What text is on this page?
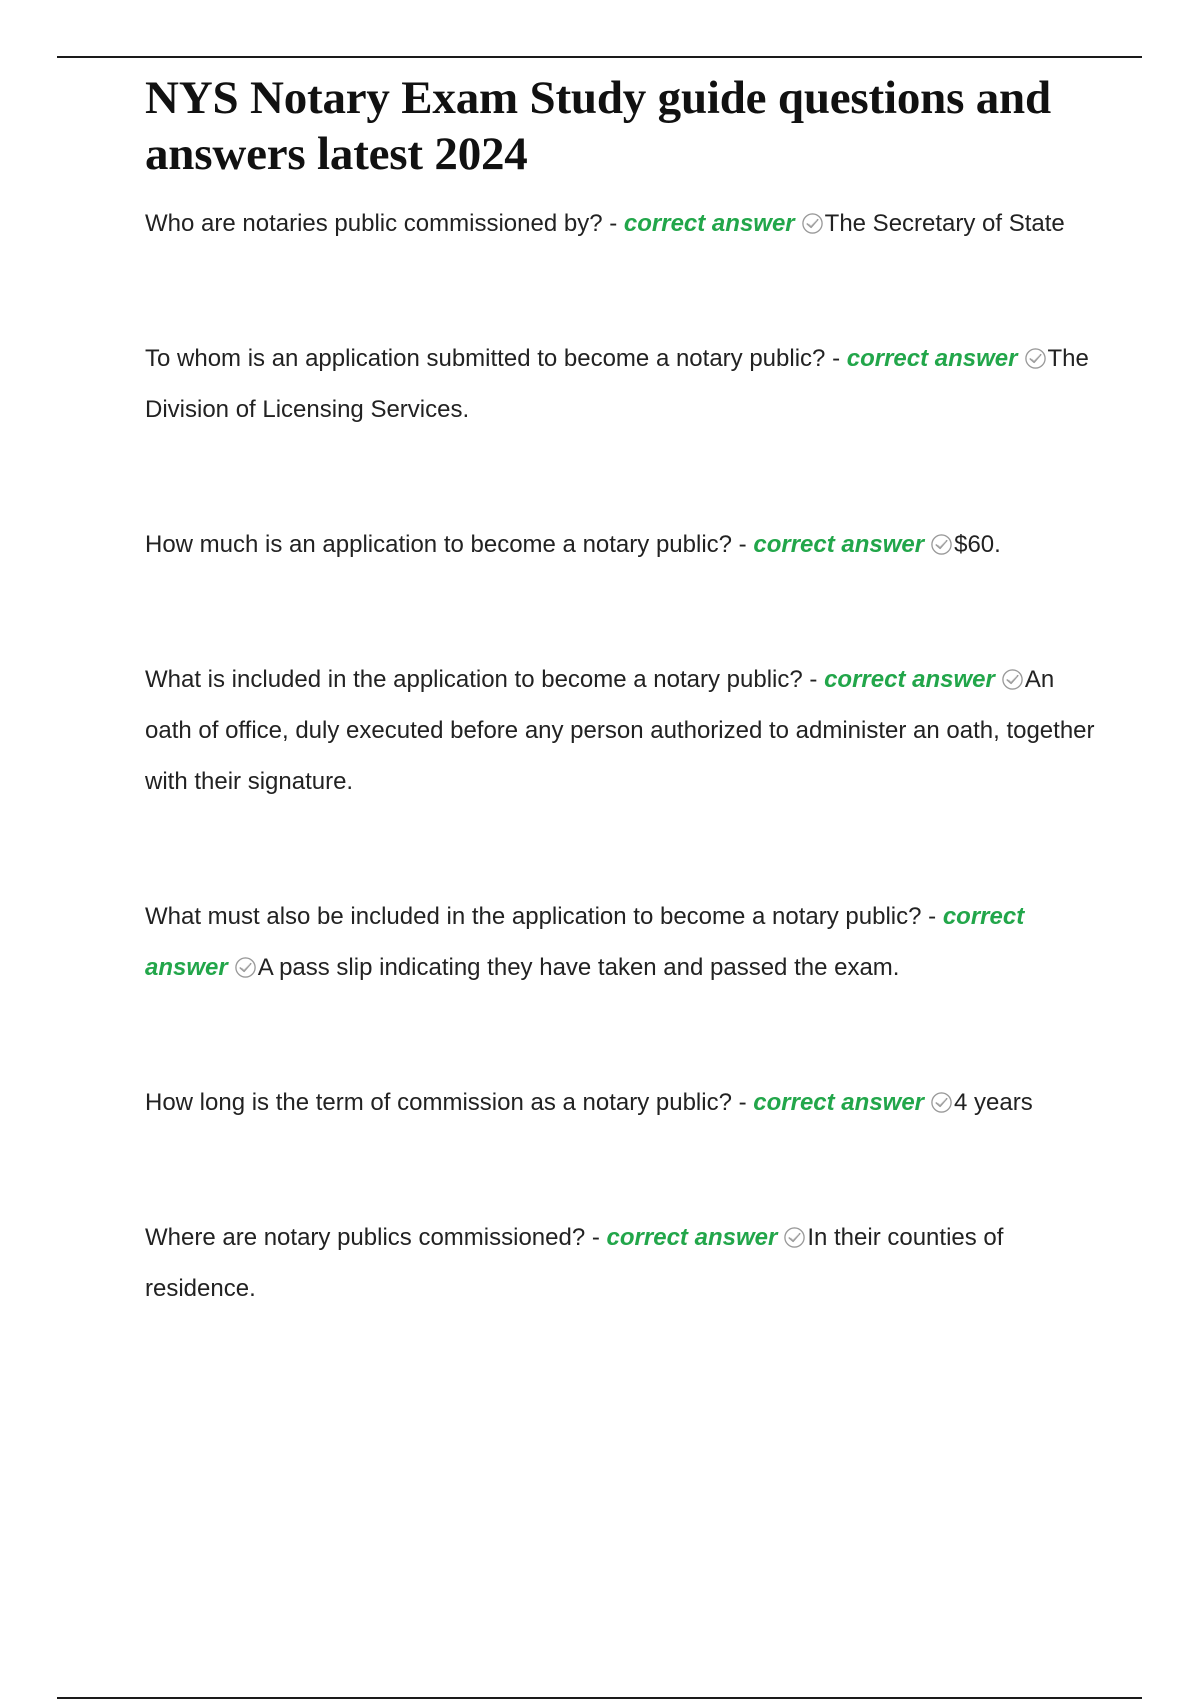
NYS Notary Exam Study guide questions and answers latest 2024

Who are notaries public commissioned by? - correct answer The Secretary of State

To whom is an application submitted to become a notary public? - correct answer The Division of Licensing Services.

How much is an application to become a notary public? - correct answer $60.

What is included in the application to become a notary public? - correct answer An oath of office, duly executed before any person authorized to administer an oath, together with their signature.

What must also be included in the application to become a notary public? - correct answer A pass slip indicating they have taken and passed the exam.

How long is the term of commission as a notary public? - correct answer 4 years

Where are notary publics commissioned? - correct answer In their counties of residence.
